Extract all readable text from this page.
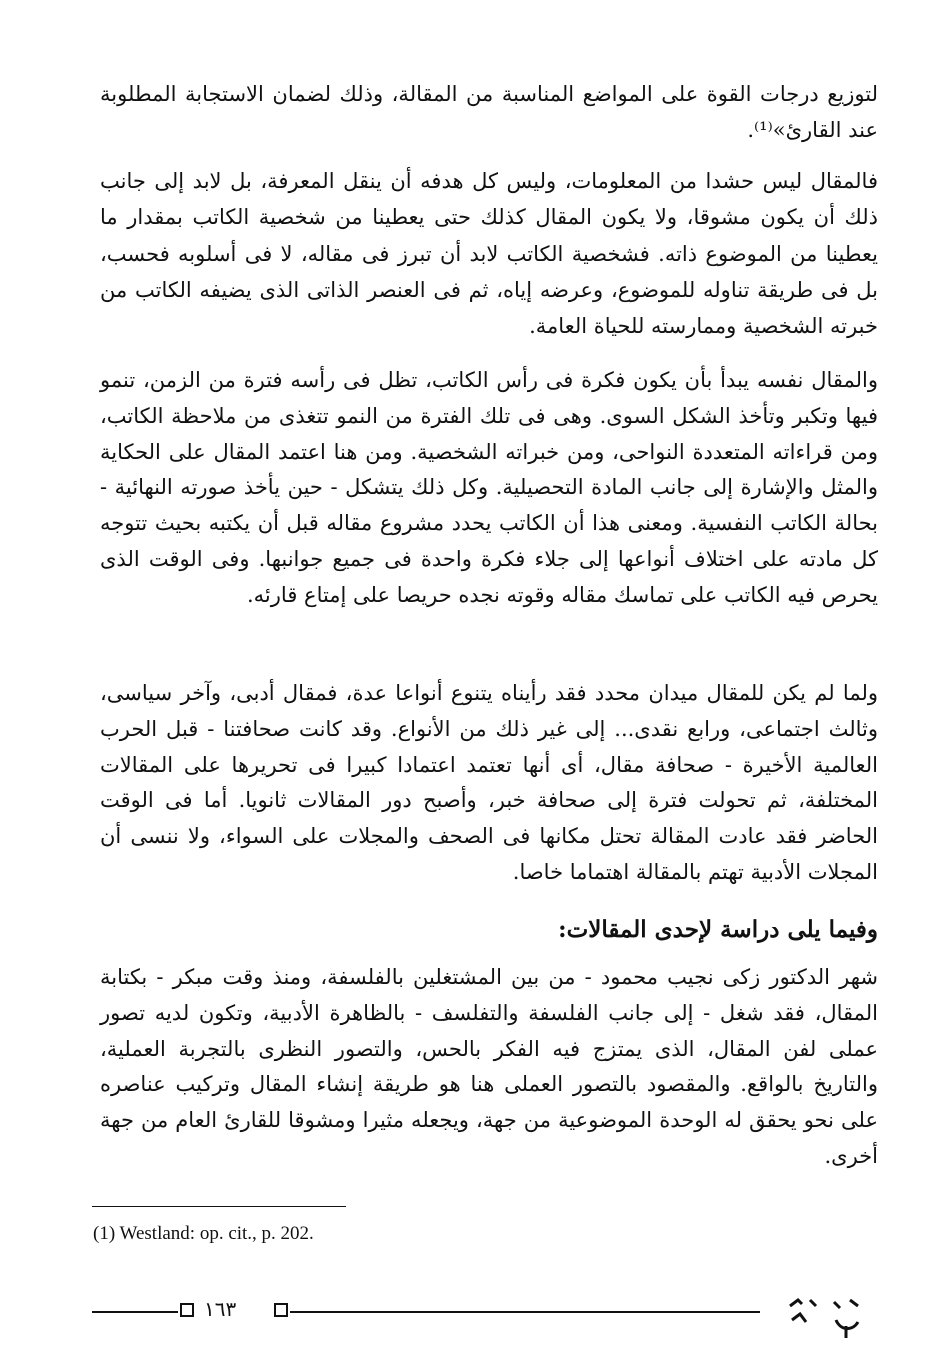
لتوزيع درجات القوة على المواضع المناسبة من المقالة، وذلك لضمان الاستجابة المطلوبة عند القارئ»⁽¹⁾.

فالمقال ليس حشدا من المعلومات، وليس كل هدفه أن ينقل المعرفة، بل لابد إلى جانب ذلك أن يكون مشوقا، ولا يكون المقال كذلك حتى يعطينا من شخصية الكاتب بمقدار ما يعطينا من الموضوع ذاته. فشخصية الكاتب لابد أن تبرز فى مقاله، لا فى أسلوبه فحسب، بل فى طريقة تناوله للموضوع، وعرضه إياه، ثم فى العنصر الذاتى الذى يضيفه الكاتب من خبرته الشخصية وممارسته للحياة العامة.

والمقال نفسه يبدأ بأن يكون فكرة فى رأس الكاتب، تظل فى رأسه فترة من الزمن، تنمو فيها وتكبر وتأخذ الشكل السوى. وهى فى تلك الفترة من النمو تتغذى من ملاحظة الكاتب، ومن قراءاته المتعددة النواحى، ومن خبراته الشخصية. ومن هنا اعتمد المقال على الحكاية والمثل والإشارة إلى جانب المادة التحصيلية. وكل ذلك يتشكل - حين يأخذ صورته النهائية - بحالة الكاتب النفسية. ومعنى هذا أن الكاتب يحدد مشروع مقاله قبل أن يكتبه بحيث تتوجه كل مادته على اختلاف أنواعها إلى جلاء فكرة واحدة فى جميع جوانبها. وفى الوقت الذى يحرص فيه الكاتب على تماسك مقاله وقوته نجده حريصا على إمتاع قارئه.

ولما لم يكن للمقال ميدان محدد فقد رأيناه يتنوع أنواعا عدة، فمقال أدبى، وآخر سياسى، وثالث اجتماعى، ورابع نقدى... إلى غير ذلك من الأنواع. وقد كانت صحافتنا - قبل الحرب العالمية الأخيرة - صحافة مقال، أى أنها تعتمد اعتمادا كبيرا فى تحريرها على المقالات المختلفة، ثم تحولت فترة إلى صحافة خبر، وأصبح دور المقالات ثانويا. أما فى الوقت الحاضر فقد عادت المقالة تحتل مكانها فى الصحف والمجلات على السواء، ولا ننسى أن المجلات الأدبية تهتم بالمقالة اهتماما خاصا.

وفيما يلى دراسة لإحدى المقالات:

شهر الدكتور زكى نجيب محمود - من بين المشتغلين بالفلسفة، ومنذ وقت مبكر - بكتابة المقال، فقد شغل - إلى جانب الفلسفة والتفلسف - بالظاهرة الأدبية، وتكون لديه تصور عملى لفن المقال، الذى يمتزج فيه الفكر بالحس، والتصور النظرى بالتجربة العملية، والتاريخ بالواقع. والمقصود بالتصور العملى هنا هو طريقة إنشاء المقال وتركيب عناصره على نحو يحقق له الوحدة الموضوعية من جهة، ويجعله مثيرا ومشوقا للقارئ العام من جهة أخرى.

(1) Westland: op. cit., p. 202.

١٦٣
